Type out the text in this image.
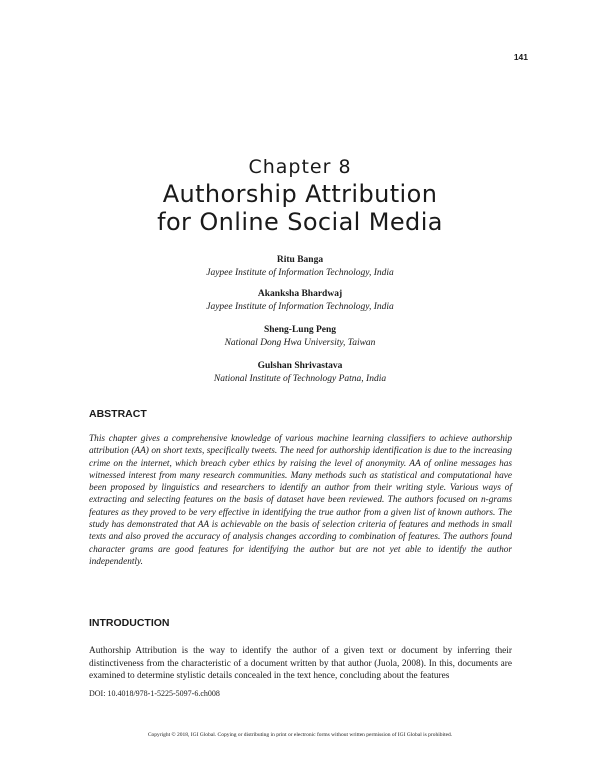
141
Chapter 8
Authorship Attribution
for Online Social Media
Ritu Banga
Jaypee Institute of Information Technology, India
Akanksha Bhardwaj
Jaypee Institute of Information Technology, India
Sheng-Lung Peng
National Dong Hwa University, Taiwan
Gulshan Shrivastava
National Institute of Technology Patna, India
ABSTRACT

This chapter gives a comprehensive knowledge of various machine learning classifiers to achieve authorship attribution (AA) on short texts, specifically tweets. The need for authorship identification is due to the increasing crime on the internet, which breach cyber ethics by raising the level of anonymity. AA of online messages has witnessed interest from many research communities. Many methods such as statistical and computational have been proposed by linguistics and researchers to identify an author from their writing style. Various ways of extracting and selecting features on the basis of dataset have been reviewed. The authors focused on n-grams features as they proved to be very effective in identifying the true author from a given list of known authors. The study has demonstrated that AA is achievable on the basis of selection criteria of features and methods in small texts and also proved the accuracy of analysis changes according to combination of features. The authors found character grams are good features for identifying the author but are not yet able to identify the author independently.

INTRODUCTION

Authorship Attribution is the way to identify the author of a given text or document by inferring their distinctiveness from the characteristic of a document written by that author (Juola, 2008). In this, documents are examined to determine stylistic details concealed in the text hence, concluding about the features

DOI: 10.4018/978-1-5225-5097-6.ch008
Copyright © 2018, IGI Global. Copying or distributing in print or electronic forms without written permission of IGI Global is prohibited.
